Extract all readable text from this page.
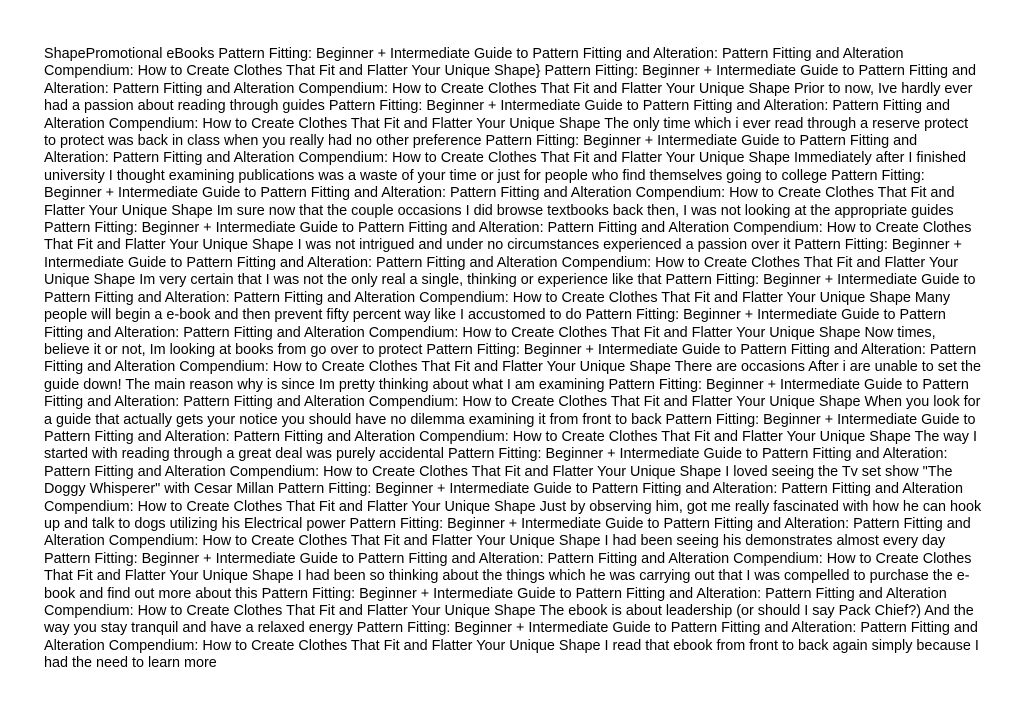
ShapePromotional eBooks Pattern Fitting: Beginner + Intermediate Guide to Pattern Fitting and Alteration: Pattern Fitting and Alteration Compendium: How to Create Clothes That Fit and Flatter Your Unique Shape} Pattern Fitting: Beginner + Intermediate Guide to Pattern Fitting and Alteration: Pattern Fitting and Alteration Compendium: How to Create Clothes That Fit and Flatter Your Unique Shape Prior to now, Ive hardly ever had a passion about reading through guides Pattern Fitting: Beginner + Intermediate Guide to Pattern Fitting and Alteration: Pattern Fitting and Alteration Compendium: How to Create Clothes That Fit and Flatter Your Unique Shape The only time which i ever read through a reserve protect to protect was back in class when you really had no other preference Pattern Fitting: Beginner + Intermediate Guide to Pattern Fitting and Alteration: Pattern Fitting and Alteration Compendium: How to Create Clothes That Fit and Flatter Your Unique Shape Immediately after I finished university I thought examining publications was a waste of your time or just for people who find themselves going to college Pattern Fitting: Beginner + Intermediate Guide to Pattern Fitting and Alteration: Pattern Fitting and Alteration Compendium: How to Create Clothes That Fit and Flatter Your Unique Shape Im sure now that the couple occasions I did browse textbooks back then, I was not looking at the appropriate guides Pattern Fitting: Beginner + Intermediate Guide to Pattern Fitting and Alteration: Pattern Fitting and Alteration Compendium: How to Create Clothes That Fit and Flatter Your Unique Shape I was not intrigued and under no circumstances experienced a passion over it Pattern Fitting: Beginner + Intermediate Guide to Pattern Fitting and Alteration: Pattern Fitting and Alteration Compendium: How to Create Clothes That Fit and Flatter Your Unique Shape Im very certain that I was not the only real a single, thinking or experience like that Pattern Fitting: Beginner + Intermediate Guide to Pattern Fitting and Alteration: Pattern Fitting and Alteration Compendium: How to Create Clothes That Fit and Flatter Your Unique Shape Many people will begin a e-book and then prevent fifty percent way like I accustomed to do Pattern Fitting: Beginner + Intermediate Guide to Pattern Fitting and Alteration: Pattern Fitting and Alteration Compendium: How to Create Clothes That Fit and Flatter Your Unique Shape Now times, believe it or not, Im looking at books from go over to protect Pattern Fitting: Beginner + Intermediate Guide to Pattern Fitting and Alteration: Pattern Fitting and Alteration Compendium: How to Create Clothes That Fit and Flatter Your Unique Shape There are occasions After i are unable to set the guide down! The main reason why is since Im pretty thinking about what I am examining Pattern Fitting: Beginner + Intermediate Guide to Pattern Fitting and Alteration: Pattern Fitting and Alteration Compendium: How to Create Clothes That Fit and Flatter Your Unique Shape When you look for a guide that actually gets your notice you should have no dilemma examining it from front to back Pattern Fitting: Beginner + Intermediate Guide to Pattern Fitting and Alteration: Pattern Fitting and Alteration Compendium: How to Create Clothes That Fit and Flatter Your Unique Shape The way I started with reading through a great deal was purely accidental Pattern Fitting: Beginner + Intermediate Guide to Pattern Fitting and Alteration: Pattern Fitting and Alteration Compendium: How to Create Clothes That Fit and Flatter Your Unique Shape I loved seeing the Tv set show "The Doggy Whisperer" with Cesar Millan Pattern Fitting: Beginner + Intermediate Guide to Pattern Fitting and Alteration: Pattern Fitting and Alteration Compendium: How to Create Clothes That Fit and Flatter Your Unique Shape Just by observing him, got me really fascinated with how he can hook up and talk to dogs utilizing his Electrical power Pattern Fitting: Beginner + Intermediate Guide to Pattern Fitting and Alteration: Pattern Fitting and Alteration Compendium: How to Create Clothes That Fit and Flatter Your Unique Shape I had been seeing his demonstrates almost every day Pattern Fitting: Beginner + Intermediate Guide to Pattern Fitting and Alteration: Pattern Fitting and Alteration Compendium: How to Create Clothes That Fit and Flatter Your Unique Shape I had been so thinking about the things which he was carrying out that I was compelled to purchase the e-book and find out more about this Pattern Fitting: Beginner + Intermediate Guide to Pattern Fitting and Alteration: Pattern Fitting and Alteration Compendium: How to Create Clothes That Fit and Flatter Your Unique Shape The ebook is about leadership (or should I say Pack Chief?) And the way you stay tranquil and have a relaxed energy Pattern Fitting: Beginner + Intermediate Guide to Pattern Fitting and Alteration: Pattern Fitting and Alteration Compendium: How to Create Clothes That Fit and Flatter Your Unique Shape I read that ebook from front to back again simply because I had the need to learn more
